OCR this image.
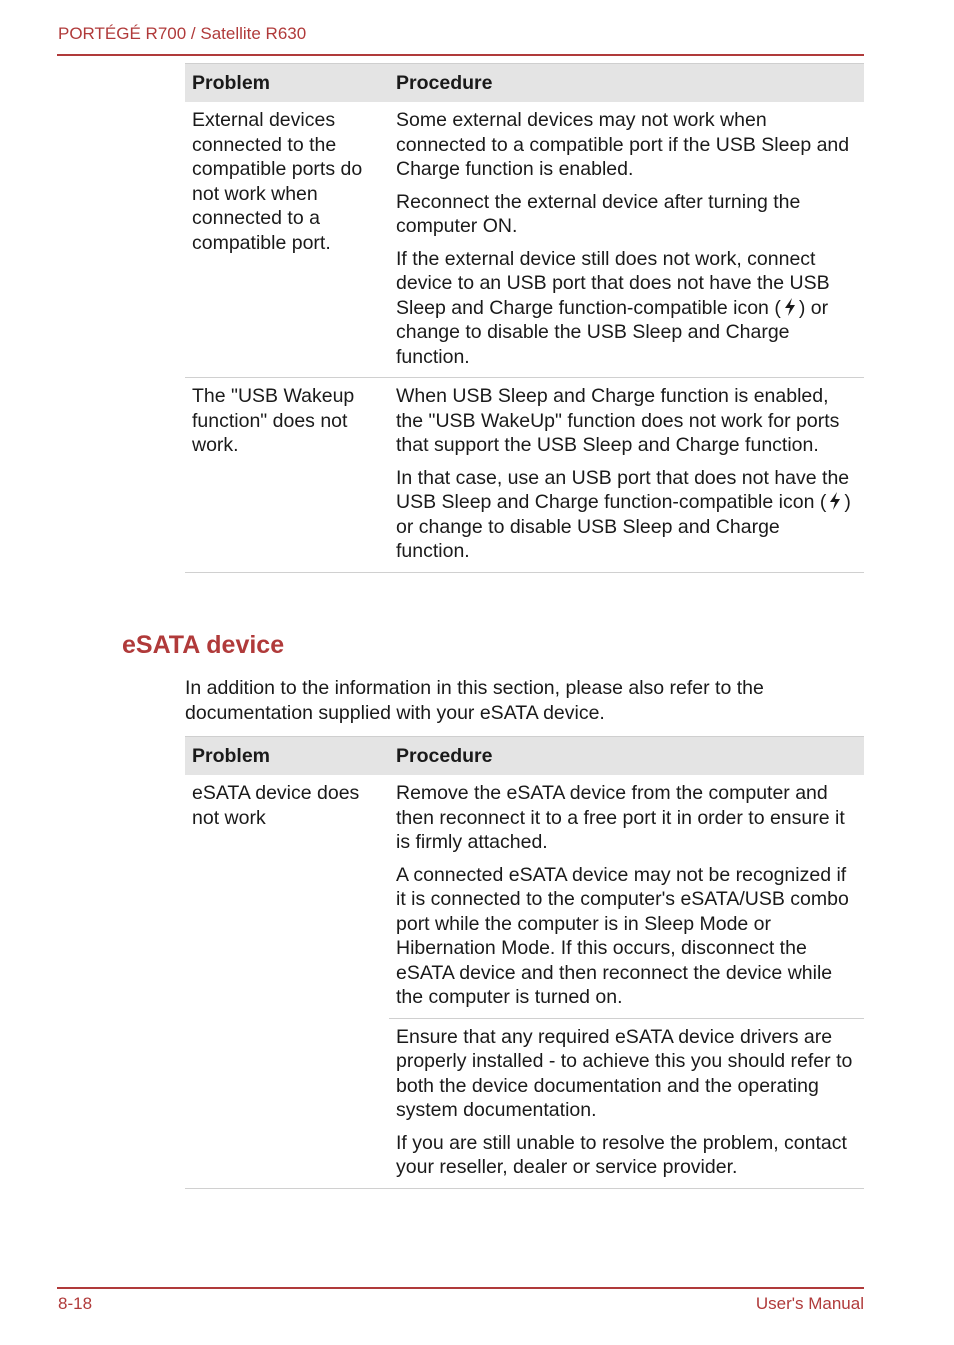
PORTÉGÉ R700 / Satellite R630
Problem	Procedure

External devices connected to the compatible ports do not work when connected to a compatible port.	Some external devices may not work when connected to a compatible port if the USB Sleep and Charge function is enabled.

Reconnect the external device after turning the computer ON.

If the external device still does not work, connect device to an USB port that does not have the USB Sleep and Charge function-compatible icon ( ) or change to disable the USB Sleep and Charge function.

The "USB Wakeup function" does not work.	When USB Sleep and Charge function is enabled, the "USB WakeUp" function does not work for ports that support the USB Sleep and Charge function.

In that case, use an USB port that does not have the USB Sleep and Charge function-compatible icon ( ) or change to disable USB Sleep and Charge function.

eSATA device

In addition to the information in this section, please also refer to the documentation supplied with your eSATA device.

Problem	Procedure

eSATA device does not work	Remove the eSATA device from the computer and then reconnect it to a free port it in order to ensure it is firmly attached.

A connected eSATA device may not be recognized if it is connected to the computer's eSATA/USB combo port while the computer is in Sleep Mode or Hibernation Mode. If this occurs, disconnect the eSATA device and then reconnect the device while the computer is turned on.

	Ensure that any required eSATA device drivers are properly installed - to achieve this you should refer to both the device documentation and the operating system documentation.

If you are still unable to resolve the problem, contact your reseller, dealer or service provider.

8-18	User's Manual
